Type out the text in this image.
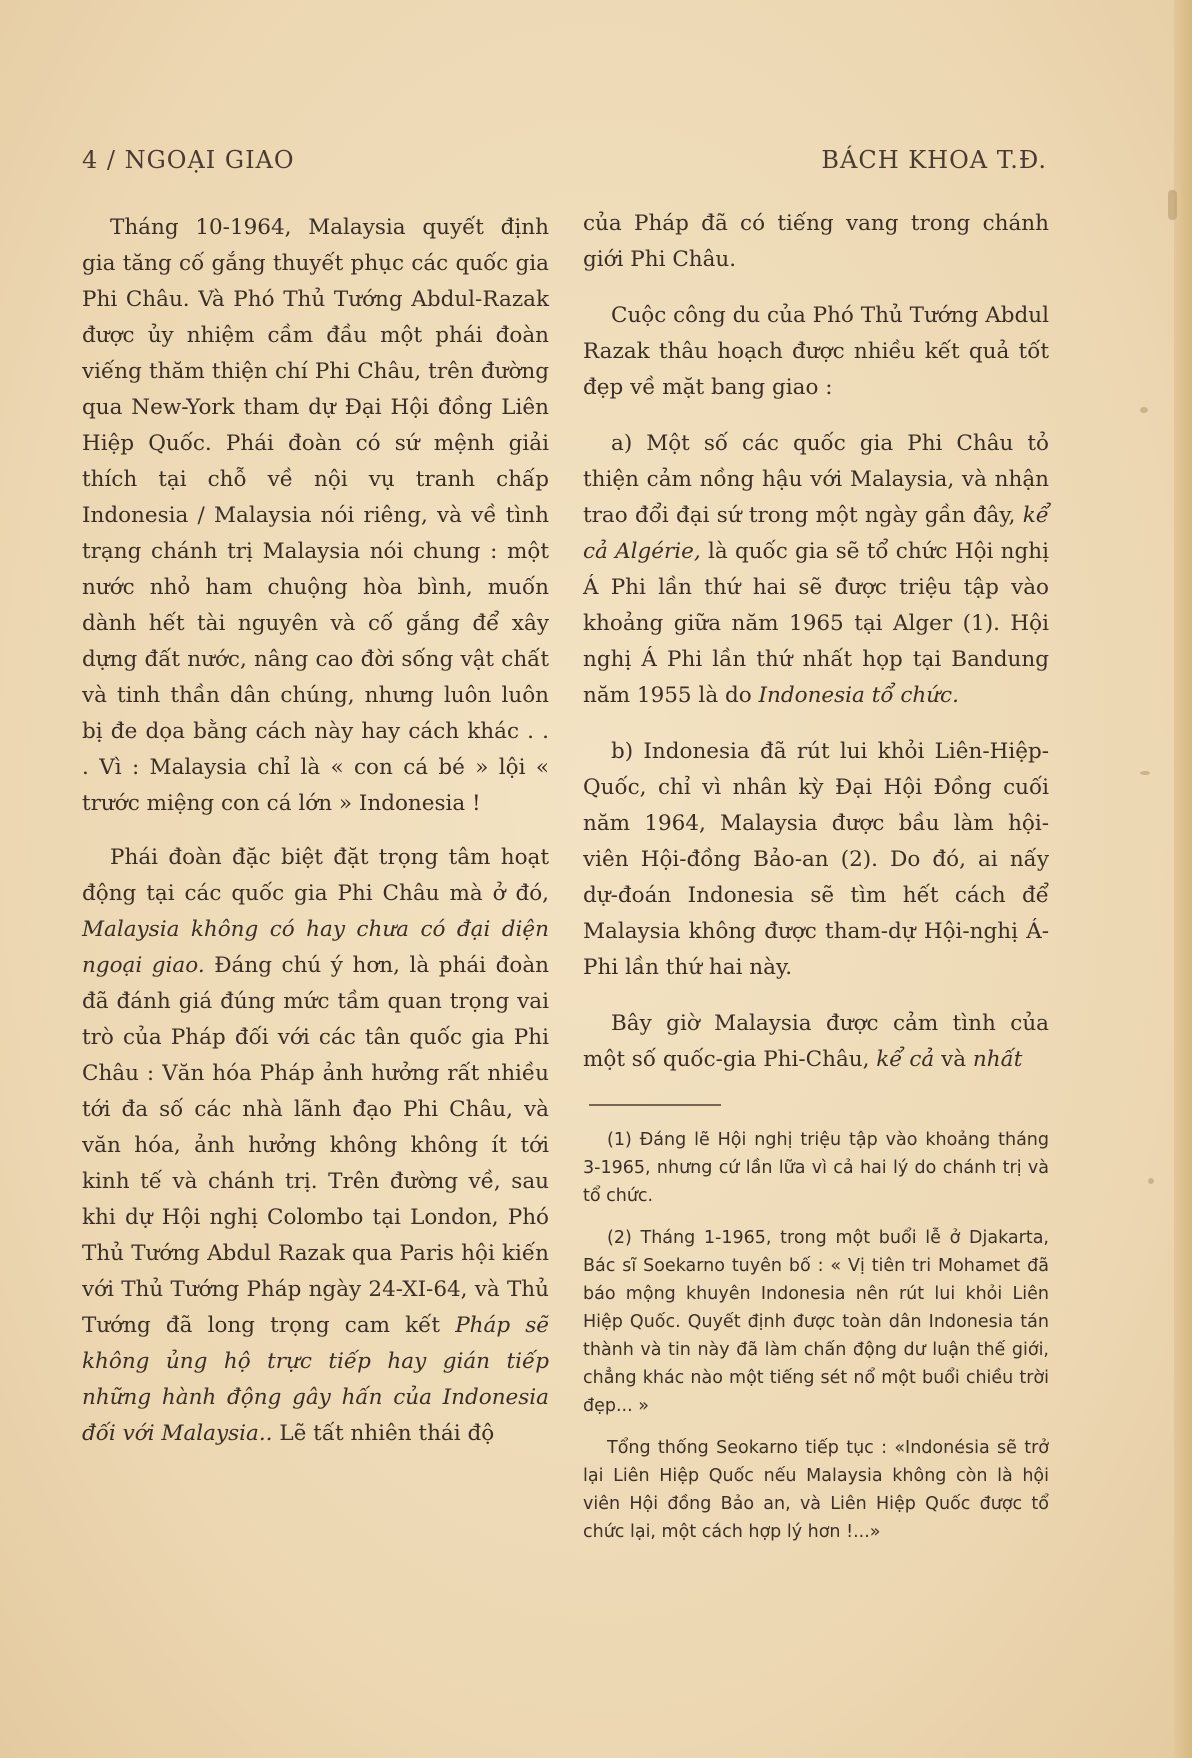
4 / NGOẠI GIAO	BÁCH KHOA T.Đ.

Tháng 10-1964, Malaysia quyết định gia tăng cố gắng thuyết phục các quốc gia Phi Châu. Và Phó Thủ Tướng Abdul-Razak được ủy nhiệm cầm đầu một phái đoàn viếng thăm thiện chí Phi Châu, trên đường qua New-York tham dự Đại Hội đồng Liên Hiệp Quốc. Phái đoàn có sứ mệnh giải thích tại chỗ về nội vụ tranh chấp Indonesia / Malaysia nói riêng, và về tình trạng chánh trị Malaysia nói chung : một nước nhỏ ham chuộng hòa bình, muốn dành hết tài nguyên và cố gắng để xây dựng đất nước, nâng cao đời sống vật chất và tinh thần dân chúng, nhưng luôn luôn bị đe dọa bằng cách này hay cách khác . . . Vì : Malaysia chỉ là « con cá bé » lội « trước miệng con cá lớn » Indonesia !

Phái đoàn đặc biệt đặt trọng tâm hoạt động tại các quốc gia Phi Châu mà ở đó, Malaysia không có hay chưa có đại diện ngoại giao. Đáng chú ý hơn, là phái đoàn đã đánh giá đúng mức tầm quan trọng vai trò của Pháp đối với các tân quốc gia Phi Châu : Văn hóa Pháp ảnh hưởng rất nhiều tới đa số các nhà lãnh đạo Phi Châu, và văn hóa, ảnh hưởng không không ít tới kinh tế và chánh trị. Trên đường về, sau khi dự Hội nghị Colombo tại London, Phó Thủ Tướng Abdul Razak qua Paris hội kiến với Thủ Tướng Pháp ngày 24-XI-64, và Thủ Tướng đã long trọng cam kết Pháp sẽ không ủng hộ trực tiếp hay gián tiếp những hành động gây hấn của Indonesia đối với Malaysia.. Lẽ tất nhiên thái độ

của Pháp đã có tiếng vang trong chánh giới Phi Châu.

Cuộc công du của Phó Thủ Tướng Abdul Razak thâu hoạch được nhiều kết quả tốt đẹp về mặt bang giao :

a) Một số các quốc gia Phi Châu tỏ thiện cảm nồng hậu với Malaysia, và nhận trao đổi đại sứ trong một ngày gần đây, kể cả Algérie, là quốc gia sẽ tổ chức Hội nghị Á Phi lần thứ hai sẽ được triệu tập vào khoảng giữa năm 1965 tại Alger (1). Hội nghị Á Phi lần thứ nhất họp tại Bandung năm 1955 là do Indonesia tổ chức.

b) Indonesia đã rút lui khỏi Liên-Hiệp-Quốc, chỉ vì nhân kỳ Đại Hội Đồng cuối năm 1964, Malaysia được bầu làm hội-viên Hội-đồng Bảo-an (2). Do đó, ai nấy dự-đoán Indonesia sẽ tìm hết cách để Malaysia không được tham-dự Hội-nghị Á-Phi lần thứ hai này.

Bây giờ Malaysia được cảm tình của một số quốc-gia Phi-Châu, kể cả và nhất

(1) Đáng lẽ Hội nghị triệu tập vào khoảng tháng 3-1965, nhưng cứ lần lữa vì cả hai lý do chánh trị và tổ chức.

(2) Tháng 1-1965, trong một buổi lễ ở Djakarta, Bác sĩ Soekarno tuyên bố : « Vị tiên tri Mohamet đã báo mộng khuyên Indonesia nên rút lui khỏi Liên Hiệp Quốc. Quyết định được toàn dân Indonesia tán thành và tin này đã làm chấn động dư luận thế giới, chẳng khác nào một tiếng sét nổ một buổi chiều trời đẹp... »

Tổng thống Seokarno tiếp tục : «Indonésia sẽ trở lại Liên Hiệp Quốc nếu Malaysia không còn là hội viên Hội đồng Bảo an, và Liên Hiệp Quốc được tổ chức lại, một cách hợp lý hơn !...»
